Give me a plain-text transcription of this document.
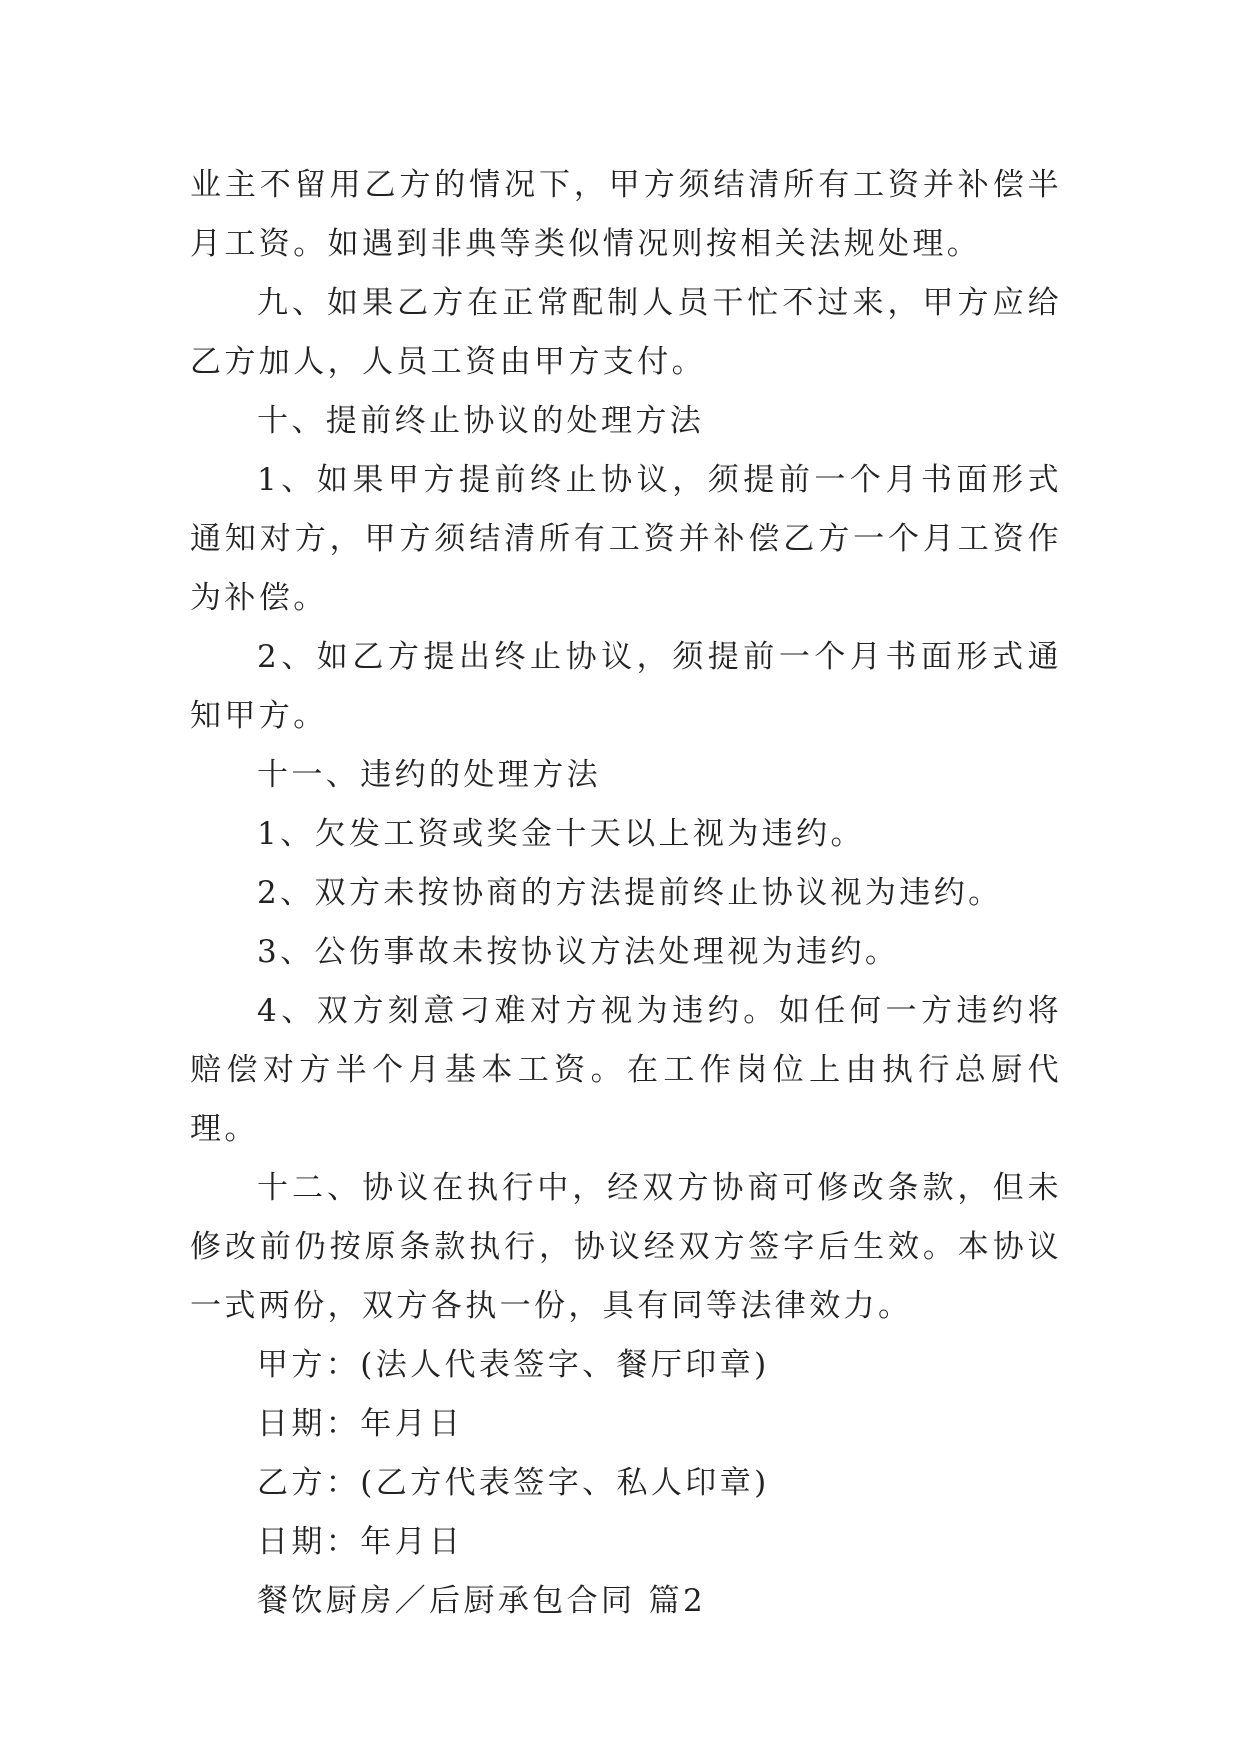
业主不留用乙方的情况下，甲方须结清所有工资并补偿半月工资。如遇到非典等类似情况则按相关法规处理。

九、如果乙方在正常配制人员干忙不过来，甲方应给乙方加人，人员工资由甲方支付。

十、提前终止协议的处理方法

1、如果甲方提前终止协议，须提前一个月书面形式通知对方，甲方须结清所有工资并补偿乙方一个月工资作为补偿。

2、如乙方提出终止协议，须提前一个月书面形式通知甲方。

十一、违约的处理方法

1、欠发工资或奖金十天以上视为违约。

2、双方未按协商的方法提前终止协议视为违约。

3、公伤事故未按协议方法处理视为违约。

4、双方刻意刁难对方视为违约。如任何一方违约将赔偿对方半个月基本工资。在工作岗位上由执行总厨代理。

十二、协议在执行中，经双方协商可修改条款，但未修改前仍按原条款执行，协议经双方签字后生效。本协议一式两份，双方各执一份，具有同等法律效力。

甲方：(法人代表签字、餐厅印章)

日期：年月日

乙方：(乙方代表签字、私人印章)

日期：年月日

餐饮厨房／后厨承包合同 篇2
